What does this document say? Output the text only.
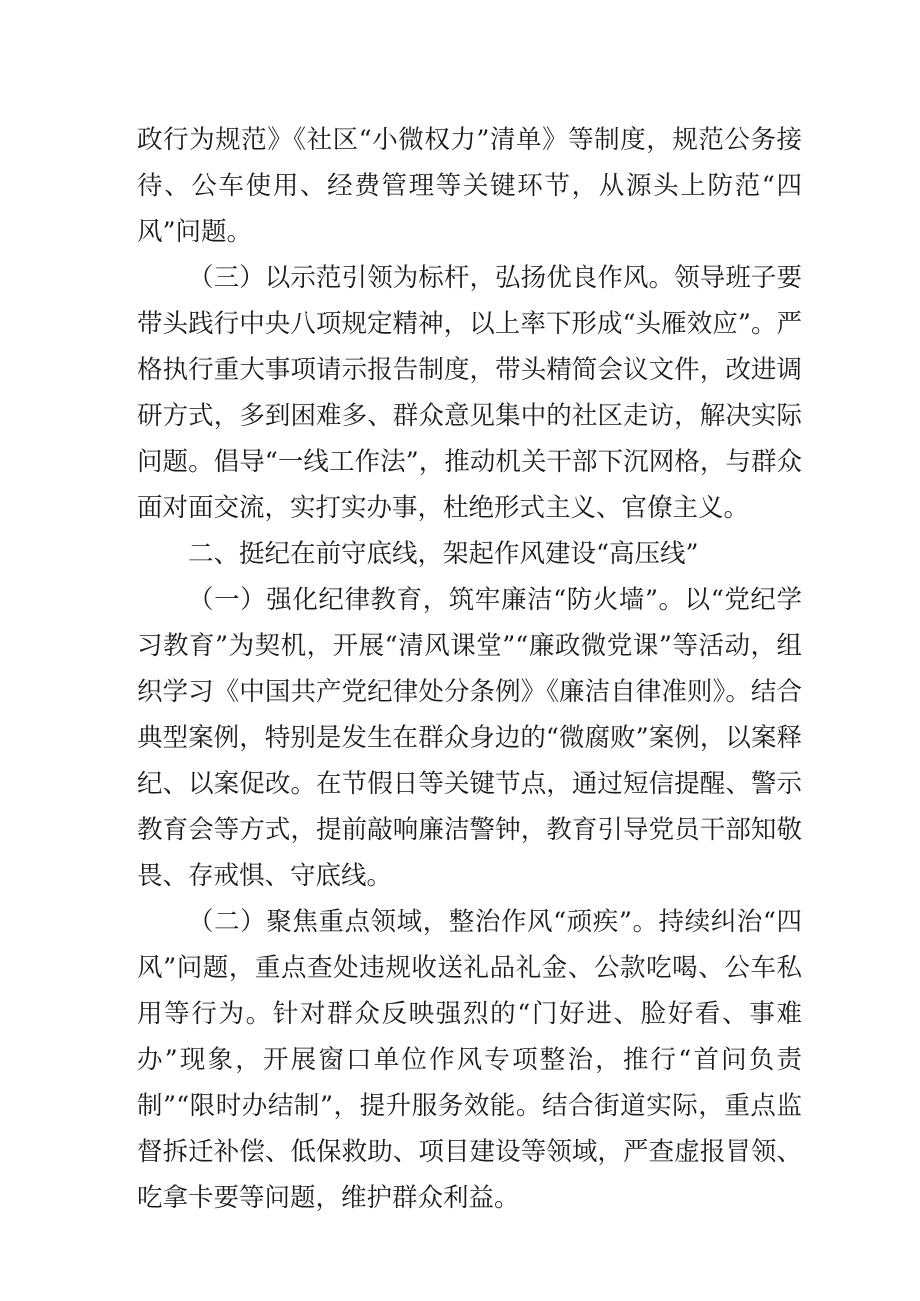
政行为规范》《社区“小微权力”清单》等制度，规范公务接待、公车使用、经费管理等关键环节，从源头上防范“四风”问题。

（三）以示范引领为标杆，弘扬优良作风。领导班子要带头践行中央八项规定精神，以上率下形成“头雁效应”。严格执行重大事项请示报告制度，带头精简会议文件，改进调研方式，多到困难多、群众意见集中的社区走访，解决实际问题。倡导“一线工作法”，推动机关干部下沉网格，与群众面对面交流，实打实办事，杜绝形式主义、官僚主义。

二、挺纪在前守底线，架起作风建设“高压线”

（一）强化纪律教育，筑牢廉洁“防火墙”。以“党纪学习教育”为契机，开展“清风课堂”“廉政微党课”等活动，组织学习《中国共产党纪律处分条例》《廉洁自律准则》。结合典型案例，特别是发生在群众身边的“微腐败”案例，以案释纪、以案促改。在节假日等关键节点，通过短信提醒、警示教育会等方式，提前敲响廉洁警钟，教育引导党员干部知敬畏、存戒惧、守底线。

（二）聚焦重点领域，整治作风“顽疾”。持续纠治“四风”问题，重点查处违规收送礼品礼金、公款吃喝、公车私用等行为。针对群众反映强烈的“门好进、脸好看、事难办”现象，开展窗口单位作风专项整治，推行“首问负责制”“限时办结制”，提升服务效能。结合街道实际，重点监督拆迁补偿、低保救助、项目建设等领域，严查虚报冒领、吃拿卡要等问题，维护群众利益。
